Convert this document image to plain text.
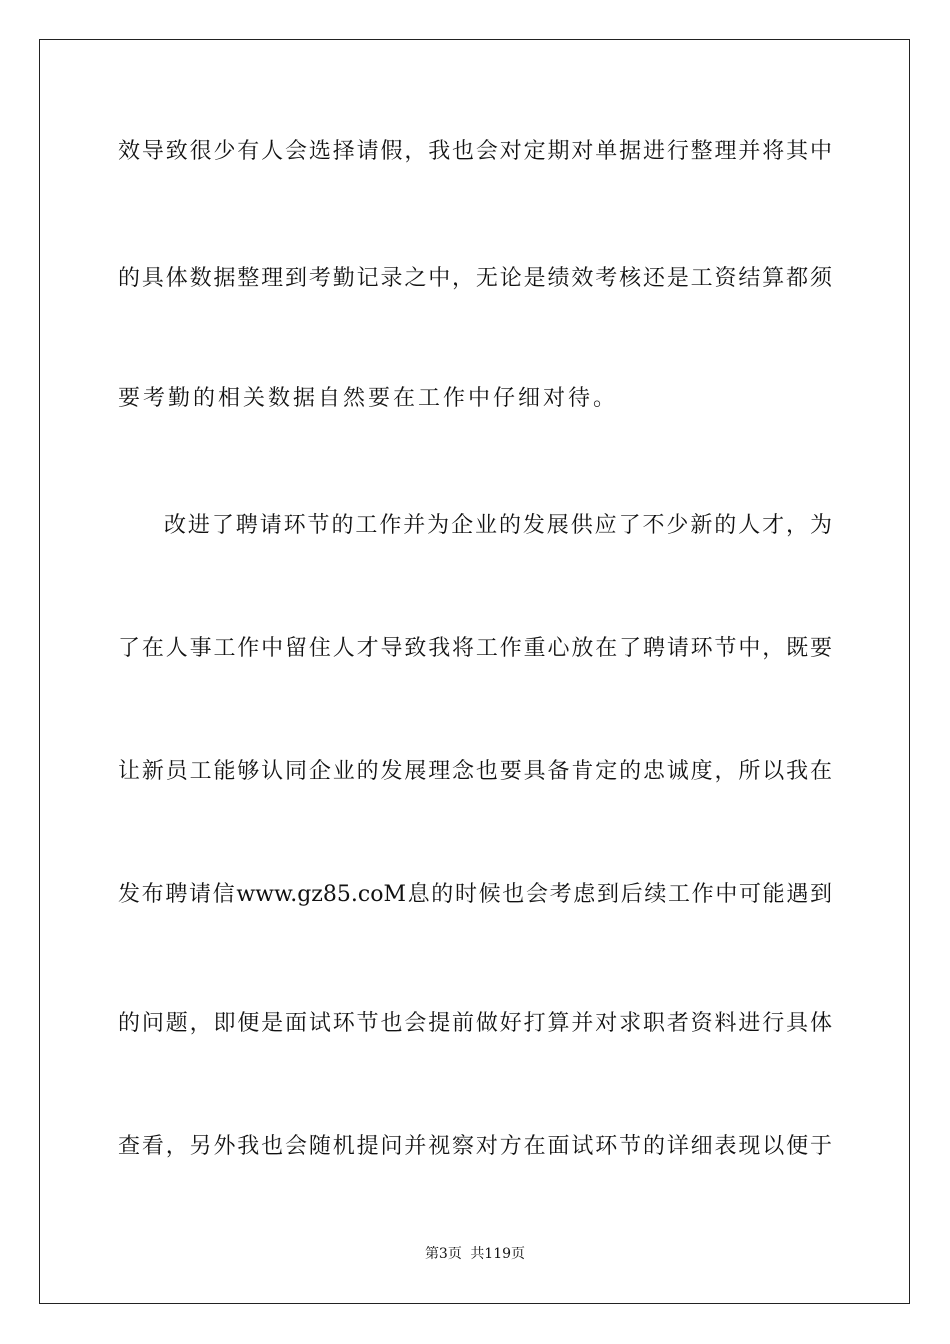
效导致很少有人会选择请假，我也会对定期对单据进行整理并将其中
的具体数据整理到考勤记录之中，无论是绩效考核还是工资结算都须
要考勤的相关数据自然要在工作中仔细对待。
改进了聘请环节的工作并为企业的发展供应了不少新的人才，为
了在人事工作中留住人才导致我将工作重心放在了聘请环节中，既要
让新员工能够认同企业的发展理念也要具备肯定的忠诚度，所以我在
发布聘请信www.gz85.coM息的时候也会考虑到后续工作中可能遇到
的问题，即便是面试环节也会提前做好打算并对求职者资料进行具体
查看，另外我也会随机提问并视察对方在面试环节的详细表现以便于
第3页 共119页
